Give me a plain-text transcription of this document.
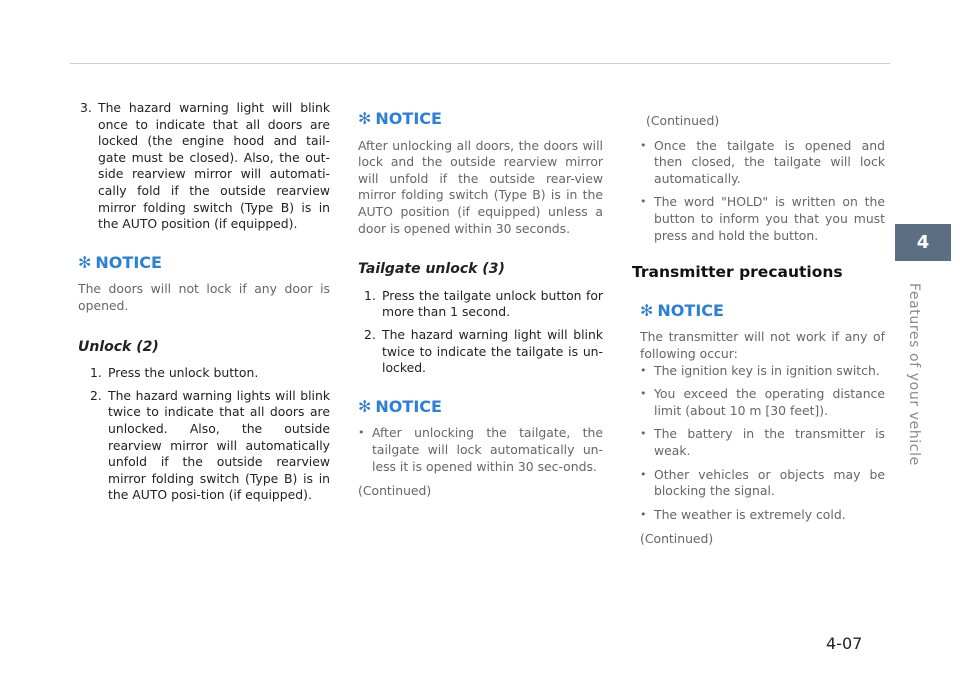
3. The hazard warning light will blink once to indicate that all doors are locked (the engine hood and tail-gate must be closed). Also, the out-side rearview mirror will automati-cally fold if the outside rearview mirror folding switch (Type B) is in the AUTO position (if equipped).
✻ NOTICE
The doors will not lock if any door is opened.
Unlock (2)
1. Press the unlock button.
2. The hazard warning lights will blink twice to indicate that all doors are unlocked. Also, the outside rearview mirror will automatically unfold if the outside rearview mirror folding switch (Type B) is in the AUTO posi-tion (if equipped).
✻ NOTICE
After unlocking all doors, the doors will lock and the outside rearview mirror will unfold if the outside rear-view mirror folding switch (Type B) is in the AUTO position (if equipped) unless a door is opened within 30 seconds.
Tailgate unlock (3)
1. Press the tailgate unlock button for more than 1 second.
2. The hazard warning light will blink twice to indicate the tailgate is un-locked.
✻ NOTICE
• After unlocking the tailgate, the tailgate will lock automatically un-less it is opened within 30 sec-onds.
(Continued)
(Continued)
• Once the tailgate is opened and then closed, the tailgate will lock automatically.
• The word "HOLD" is written on the button to inform you that you must press and hold the button.
Transmitter precautions
✻ NOTICE
The transmitter will not work if any of following occur:
• The ignition key is in ignition switch.
• You exceed the operating distance limit (about 10 m [30 feet]).
• The battery in the transmitter is weak.
• Other vehicles or objects may be blocking the signal.
• The weather is extremely cold.
(Continued)
4
Features of your vehicle
4-07
